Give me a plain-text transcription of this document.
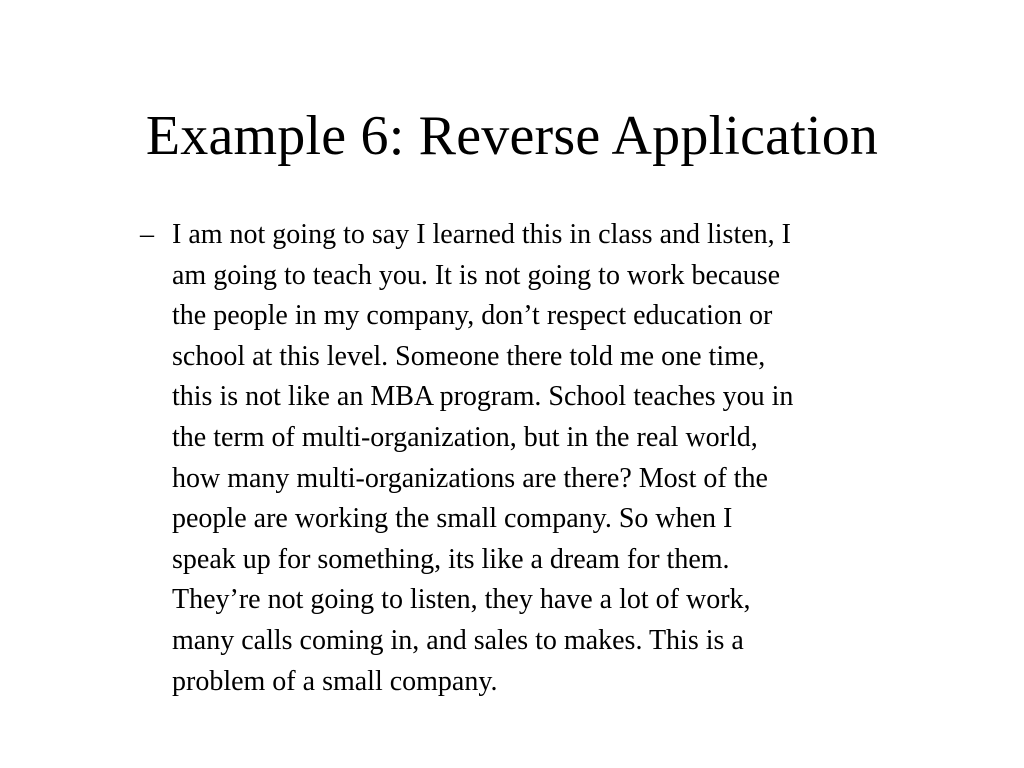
Example 6: Reverse Application
– I am not going to say I learned this in class and listen, I
am going to teach you. It is not going to work because
the people in my company, don’t respect education or
school at this level. Someone there told me one time,
this is not like an MBA program. School teaches you in
the term of multi-organization, but in the real world,
how many multi-organizations are there? Most of the
people are working the small company. So when I
speak up for something, its like a dream for them.
They’re not going to listen, they have a lot of work,
many calls coming in, and sales to makes. This is a
problem of a small company.
